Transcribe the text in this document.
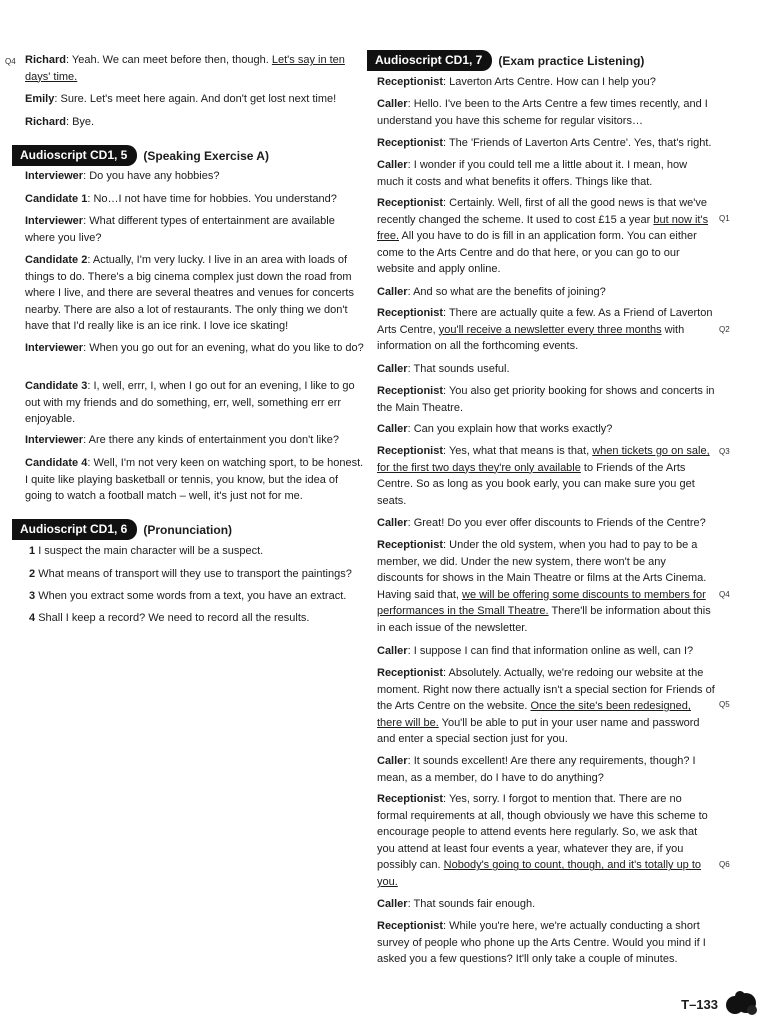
Q4 Richard: Yeah. We can meet before then, though. Let's say in ten days' time.
Emily: Sure. Let's meet here again. And don't get lost next time!
Richard: Bye.
Audioscript CD1, 5	(Speaking Exercise A)
Interviewer: Do you have any hobbies?
Candidate 1: No…I not have time for hobbies. You understand?
Interviewer: What different types of entertainment are available where you live?
Candidate 2: Actually, I'm very lucky. I live in an area with loads of things to do. There's a big cinema complex just down the road from where I live, and there are several theatres and venues for concerts nearby. There are also a lot of restaurants. The only thing we don't have that I'd really like is an ice rink. I love ice skating!
Interviewer: When you go out for an evening, what do you like to do?
Candidate 3: I, well, errr, I, when I go out for an evening, I like to go out with my friends and do something, err, well, something err err enjoyable.
Interviewer: Are there any kinds of entertainment you don't like?
Candidate 4: Well, I'm not very keen on watching sport, to be honest. I quite like playing basketball or tennis, you know, but the idea of going to watch a football match – well, it's just not for me.
Audioscript CD1, 6	(Pronunciation)
1 I suspect the main character will be a suspect.
2 What means of transport will they use to transport the paintings?
3 When you extract some words from a text, you have an extract.
4 Shall I keep a record? We need to record all the results.
Audioscript CD1, 7	(Exam practice Listening)
Receptionist: Laverton Arts Centre. How can I help you?
Caller: Hello. I've been to the Arts Centre a few times recently, and I understand you have this scheme for regular visitors…
Receptionist: The 'Friends of Laverton Arts Centre'. Yes, that's right.
Caller: I wonder if you could tell me a little about it. I mean, how much it costs and what benefits it offers. Things like that.
Receptionist: Certainly. Well, first of all the good news is that we've recently changed the scheme. It used to cost £15 a year but now it's free. All you have to do is fill in an application form. You can either come to the Arts Centre and do that here, or you can go to our website and apply online.
Q1
Caller: And so what are the benefits of joining?
Receptionist: There are actually quite a few. As a Friend of Laverton Arts Centre, you'll receive a newsletter every three months with information on all the forthcoming events.
Q2
Caller: That sounds useful.
Receptionist: You also get priority booking for shows and concerts in the Main Theatre.
Caller: Can you explain how that works exactly?
Receptionist: Yes, what that means is that, when tickets go on sale, for the first two days they're only available to Friends of the Arts Centre. So as long as you book early, you can make sure you get seats.
Q3
Caller: Great! Do you ever offer discounts to Friends of the Centre?
Receptionist: Under the old system, when you had to pay to be a member, we did. Under the new system, there won't be any discounts for shows in the Main Theatre or films at the Arts Cinema. Having said that, we will be offering some discounts to members for performances in the Small Theatre. There'll be information about this in each issue of the newsletter.
Q4
Caller: I suppose I can find that information online as well, can I?
Receptionist: Absolutely. Actually, we're redoing our website at the moment. Right now there actually isn't a special section for Friends of the Arts Centre on the website. Once the site's been redesigned, there will be. You'll be able to put in your user name and password and enter a special section just for you.
Q5
Caller: It sounds excellent! Are there any requirements, though? I mean, as a member, do I have to do anything?
Receptionist: Yes, sorry. I forgot to mention that. There are no formal requirements at all, though obviously we have this scheme to encourage people to attend events here regularly. So, we ask that you attend at least four events a year, whatever they are, if you possibly can. Nobody's going to count, though, and it's totally up to you.
Q6
Caller: That sounds fair enough.
Receptionist: While you're here, we're actually conducting a short survey of people who phone up the Arts Centre. Would you mind if I asked you a few questions? It'll only take a couple of minutes.
T–133
